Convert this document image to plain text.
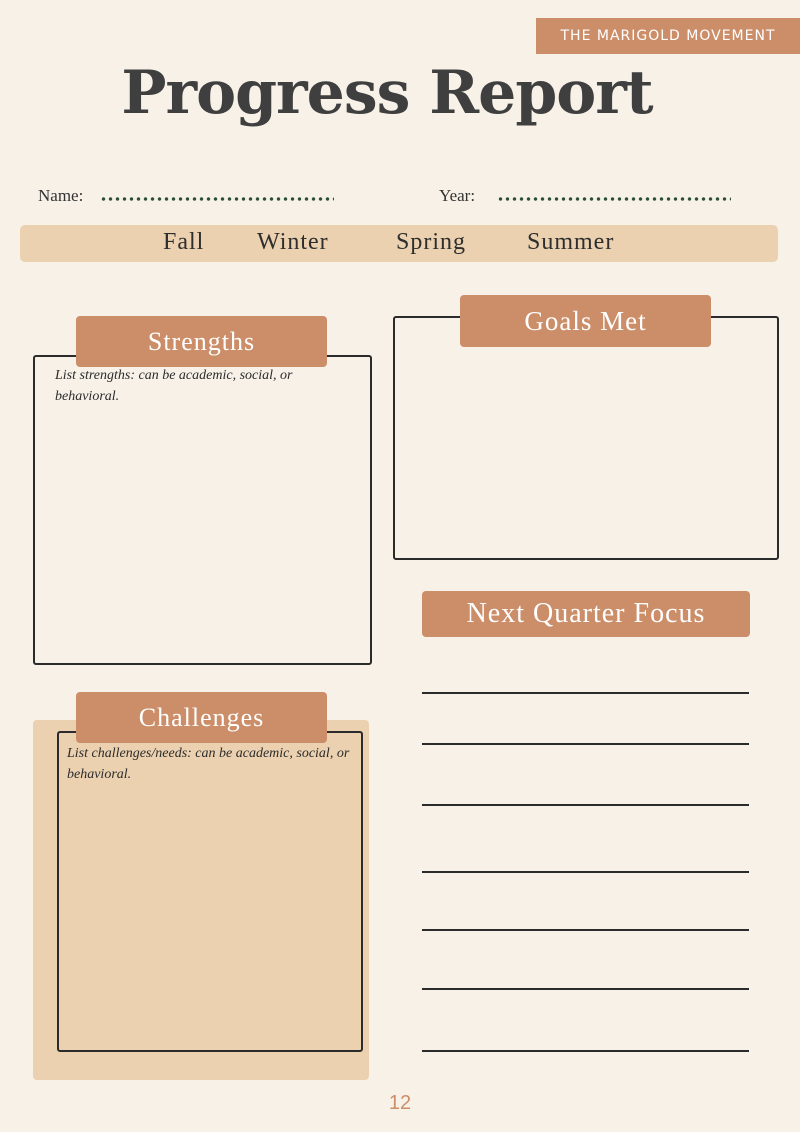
THE MARIGOLD MOVEMENT
Progress Report
Name:	Year:
Fall Winter	Spring	Summer
Strengths
List strengths: can be academic, social, or behavioral.
Goals Met
Next Quarter Focus
Challenges
List challenges/needs: can be academic, social, or behavioral.
12
